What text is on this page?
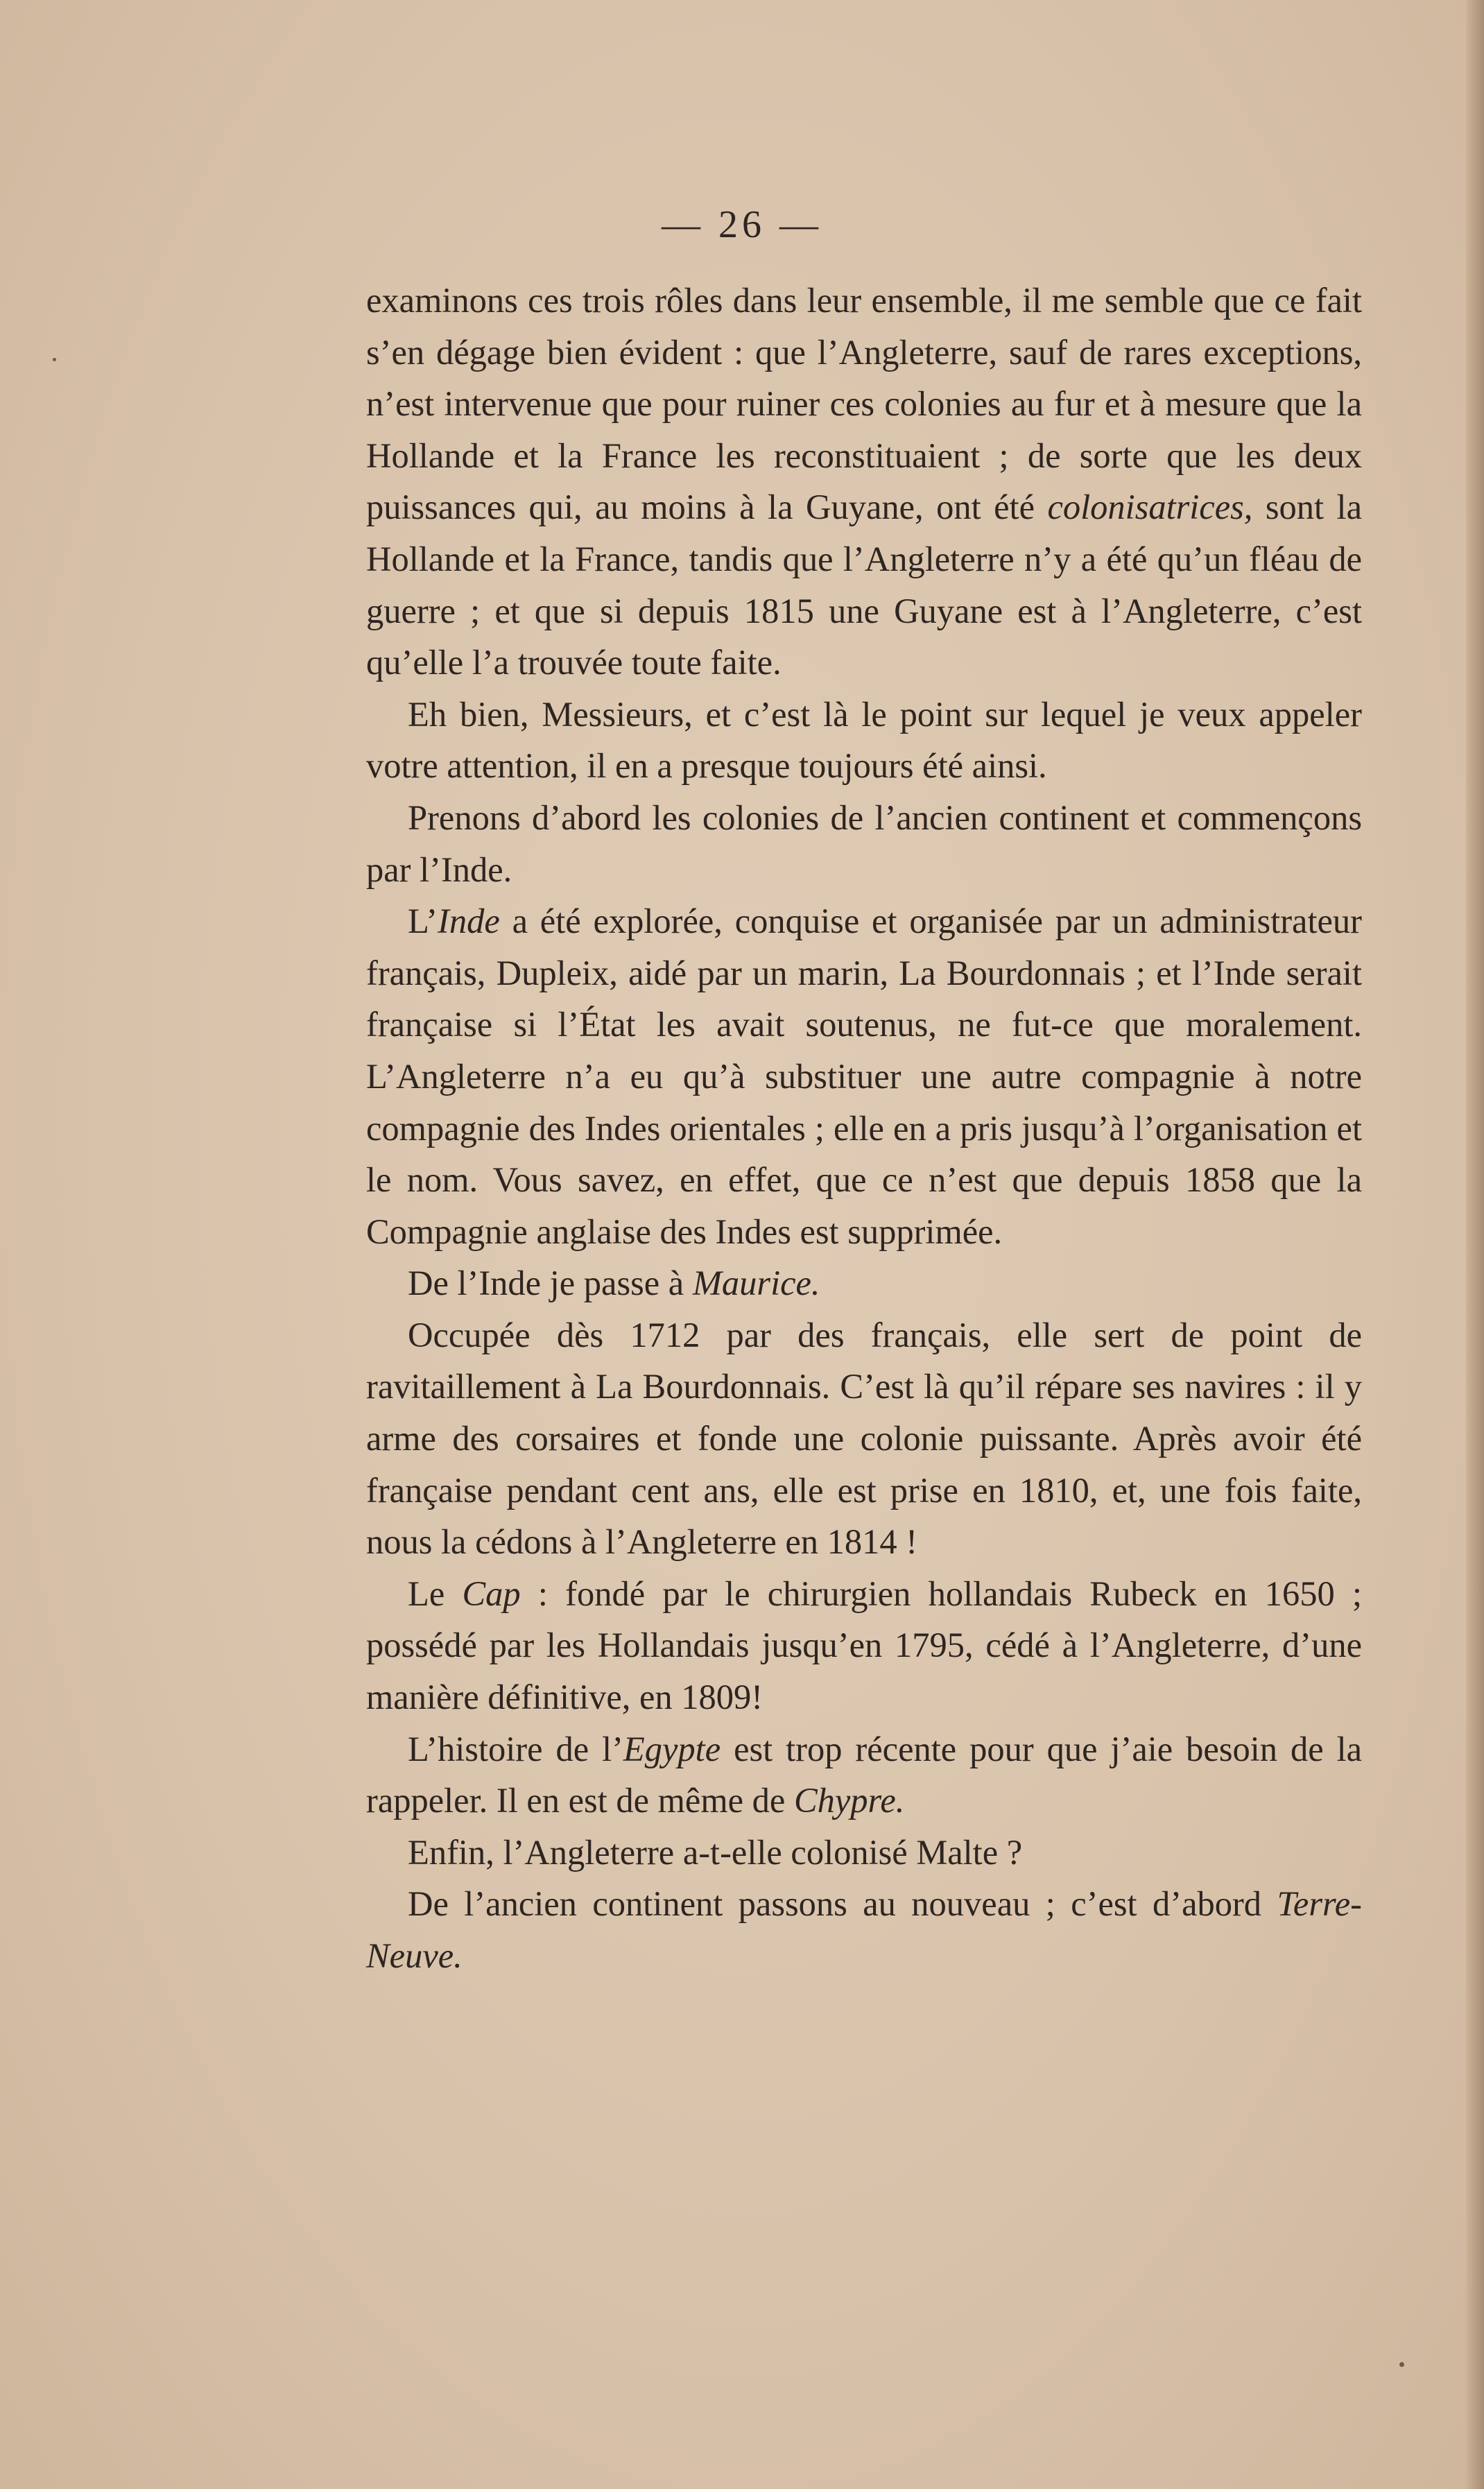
— 26 —

examinons ces trois rôles dans leur ensemble, il me semble que ce fait s’en dégage bien évident : que l’Angleterre, sauf de rares exceptions, n’est intervenue que pour ruiner ces colonies au fur et à mesure que la Hollande et la France les reconstituaient ; de sorte que les deux puissances qui, au moins à la Guyane, ont été colonisatrices, sont la Hollande et la France, tandis que l’Angleterre n’y a été qu’un fléau de guerre ; et que si depuis 1815 une Guyane est à l’Angleterre, c’est qu’elle l’a trouvée toute faite.

Eh bien, Messieurs, et c’est là le point sur lequel je veux appeler votre attention, il en a presque toujours été ainsi.

Prenons d’abord les colonies de l’ancien continent et commençons par l’Inde.

L’Inde a été explorée, conquise et organisée par un administrateur français, Dupleix, aidé par un marin, La Bourdonnais ; et l’Inde serait française si l’État les avait soutenus, ne fut-ce que moralement. L’Angleterre n’a eu qu’à substituer une autre compagnie à notre compagnie des Indes orientales ; elle en a pris jusqu’à l’organisation et le nom. Vous savez, en effet, que ce n’est que depuis 1858 que la Compagnie anglaise des Indes est supprimée.

De l’Inde je passe à Maurice.

Occupée dès 1712 par des français, elle sert de point de ravitaillement à La Bourdonnais. C’est là qu’il répare ses navires : il y arme des corsaires et fonde une colonie puissante. Après avoir été française pendant cent ans, elle est prise en 1810, et, une fois faite, nous la cédons à l’Angleterre en 1814 !

Le Cap : fondé par le chirurgien hollandais Rubeck en 1650 ; possédé par les Hollandais jusqu’en 1795, cédé à l’Angleterre, d’une manière définitive, en 1809!

L’histoire de l’Egypte est trop récente pour que j’aie besoin de la rappeler. Il en est de même de Chypre.

Enfin, l’Angleterre a-t-elle colonisé Malte ?

De l’ancien continent passons au nouveau ; c’est d’abord Terre-Neuve.
